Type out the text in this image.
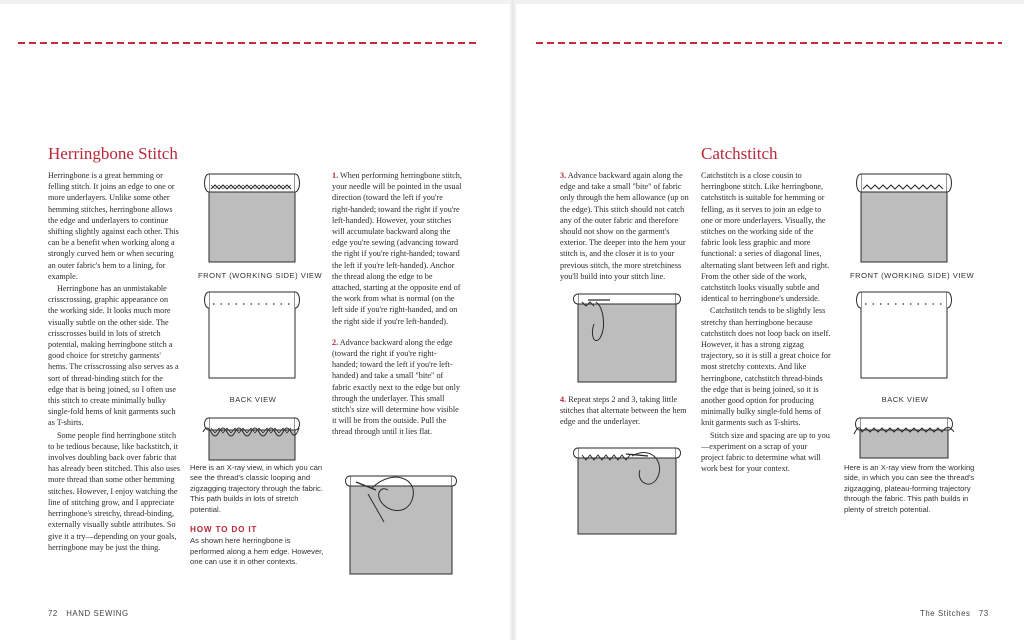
Herringbone Stitch

Herringbone is a great hemming or felling stitch. It joins an edge to one or more underlayers. Unlike some other hemming stitches, herringbone allows the edge and underlayers to continue shifting slightly against each other. This can be a benefit when working along a strongly curved hem or when securing an outer fabric's hem to a lining, for example.

Herringbone has an unmistakable crisscrossing, graphic appearance on the working side. It looks much more visually subtle on the other side. The crisscrosses build in lots of stretch potential, making herringbone stitch a good choice for stretchy garments' hems. The crisscrossing also serves as a sort of thread-binding stitch for the edge that is being joined, so I often use this stitch to create minimally bulky single-fold hems of knit garments such as T-shirts.

Some people find herringbone stitch to be tedious because, like backstitch, it involves doubling back over fabric that has already been stitched. This also uses more thread than some other hemming stitches. However, I enjoy watching the line of stitching grow, and I appreciate herringbone's stretchy, thread-binding, externally visually subtle attributes. So give it a try—depending on your goals, herringbone may be just the thing.

FRONT (WORKING SIDE) VIEW
BACK VIEW

Here is an X-ray view, in which you can see the thread's classic looping and zigzagging trajectory through the fabric. This path builds in lots of stretch potential.

HOW TO DO IT

As shown here herringbone is performed along a hem edge. However, one can use it in other contexts.

1. When performing herringbone stitch, your needle will be pointed in the usual direction (toward the left if you're right-handed; toward the right if you're left-handed). However, your stitches will accumulate backward along the edge you're sewing (advancing toward the right if you're right-handed; toward the left if you're left-handed). Anchor the thread along the edge to be attached, starting at the opposite end of the work from what is normal (on the left side if you're right-handed, and on the right side if you're left-handed).

2. Advance backward along the edge (toward the right if you're right-handed; toward the left if you're left-handed) and take a small "bite" of fabric exactly next to the edge but only through the underlayer. This small stitch's size will determine how visible it will be from the outside. Pull the thread through until it lies flat.

72 HAND SEWING

3. Advance backward again along the edge and take a small "bite" of fabric only through the hem allowance (up on the edge). This stitch should not catch any of the outer fabric and therefore should not show on the garment's exterior. The deeper into the hem your stitch is, and the closer it is to your previous stitch, the more stretchiness you'll build into your stitch line.

4. Repeat steps 2 and 3, taking little stitches that alternate between the hem edge and the underlayer.

Catchstitch

Catchstitch is a close cousin to herringbone stitch. Like herringbone, catchstitch is suitable for hemming or felling, as it serves to join an edge to one or more underlayers. Visually, the stitches on the working side of the fabric look less graphic and more functional: a series of diagonal lines, alternating slant between left and right. From the other side of the work, catchstitch looks visually subtle and identical to herringbone's underside.

Catchstitch tends to be slightly less stretchy than herringbone because catchstitch does not loop back on itself. However, it has a strong zigzag trajectory, so it is still a great choice for most stretchy contexts. And like herringbone, catchstitch thread-binds the edge that is being joined, so it is another good option for producing minimally bulky single-fold hems of knit garments such as T-shirts.

Stitch size and spacing are up to you—experiment on a scrap of your project fabric to determine what will work best for your context.

FRONT (WORKING SIDE) VIEW
BACK VIEW

Here is an X-ray view from the working side, in which you can see the thread's zigzagging, plateau-forming trajectory through the fabric. This path builds in plenty of stretch potential.

The Stitches 73
